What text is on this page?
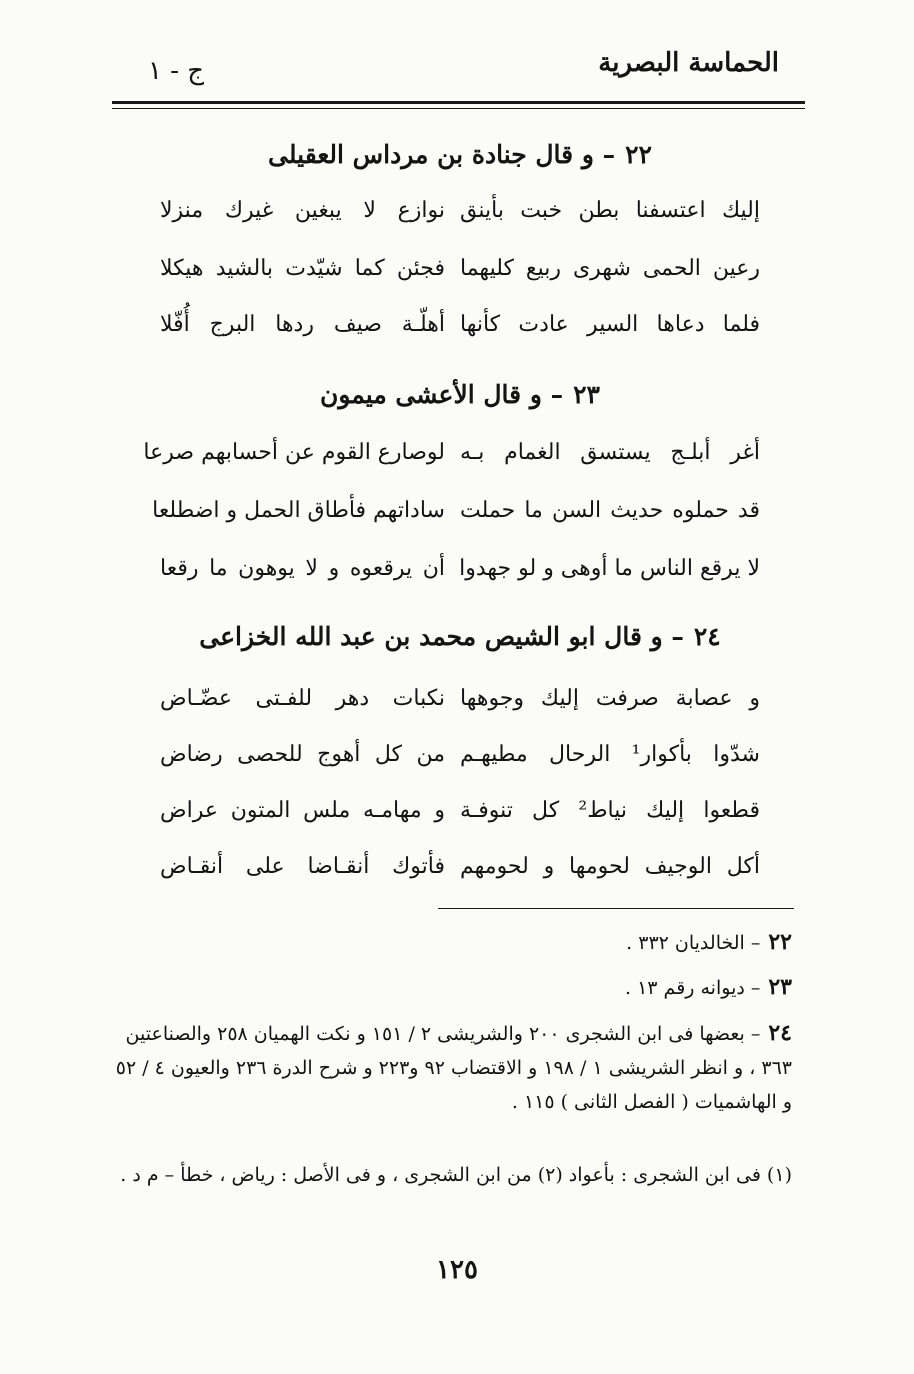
الحماسة البصرية
ج - ١
٢٢– و قال جنادة بن مرداس العقيلى
إليك اعتسفنا بطن خبت بأينق
نوازع لا يبغين غيرك منزلا
رعين الحمى شهرى ربيع كليهما
فجئن كما شيّدت بالشيد هيكلا
فلما دعاها السير عادت كأنها
أهلّـة صيف ردها البرج أُفّلا
٢٣– و قال الأعشى ميمون
أغر أبلـج يستسق الغمام بـه
لوصارع القوم عن أحسابهم صرعا
قد حملوه حديث السن ما حملت
ساداتهم فأطاق الحمل و اضطلعا
لا يرقع الناس ما أوهى و لو جهدوا
أن يرقعوه و لا يوهون ما رقعا
٢٤– و قال ابو الشيص محمد بن عبد الله الخزاعى
و عصابة صرفت إليك وجوهها
نكبات دهر للفـتى عضّـاض
شدّوا بأكوار¹ الرحال مطيهـم
من كل أهوج للحصى رضاض
قطعوا إليك نياط² كل تنوفـة
و مهامـه ملس المتون عراض
أكل الوجيف لحومها و لحومهم
فأتوك أنقـاضا على أنقـاض
٢٢– الخالديان ٣٣٢ .
٢٣– ديوانه رقم ١٣ .
٢٤– بعضها فى ابن الشجرى ٢٠٠ والشريشى ٢ / ١٥١ و نكت الهميان ٢٥٨ والصناعتين ٣٦٣ ، و انظر الشريشى ١ / ١٩٨ و الاقتضاب ٩٢ و٢٢٣ و شرح الدرة ٢٣٦ والعيون ٤ / ٥٢ و الهاشميات ( الفصل الثانى ) ١١٥ .
(١) فى ابن الشجرى : بأعواد (٢) من ابن الشجرى ، و فى الأصل : رياض ، خطأ – م د .
١٢٥
